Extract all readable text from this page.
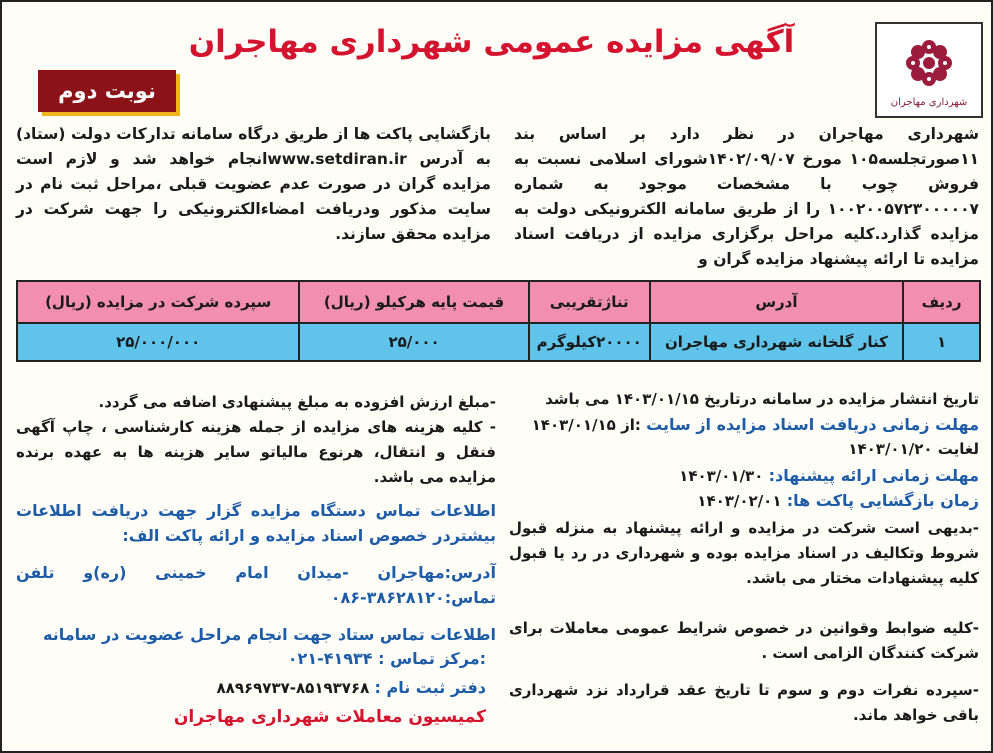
شهرداری مهاجران
آگهی مزایده عمومی شهرداری مهاجران
نوبت دوم
شهرداری مهاجران در نظر دارد بر اساس بند ۱۱صورتجلسه۱۰۵ مورخ ۱۴۰۲/۰۹/۰۷شورای اسلامی نسبت به فروش چوب با مشخصات موجود به شماره ۱۰۰۲۰۰۵۷۲۳۰۰۰۰۰۷ را از طریق سامانه الکترونیکی دولت به مزایده گذارد.کلیه مراحل برگزاری مزایده از دریافت اسناد مزایده تا ارائه پیشنهاد مزایده گران و
بازگشایی پاکت ها از طریق درگاه سامانه تدارکات دولت (ستاد) به آدرس www.setdiran.irانجام خواهد شد و لازم است مزایده گران در صورت عدم عضویت قبلی ،مراحل ثبت نام در سایت مذکور ودریافت امضاءالکترونیکی را جهت شرکت در مزایده محقق سازند.
ردیف	آدرس	تناژتقریبی	قیمت پایه هرکیلو (ریال)	سپرده شرکت در مزایده (ریال)
۱	کنار گلخانه شهرداری مهاجران	۲۰۰۰۰کیلوگرم	۲۵/۰۰۰	۲۵/۰۰۰/۰۰۰
تاریخ انتشار مزایده در سامانه درتاریخ ۱۴۰۳/۰۱/۱۵ می باشد
مهلت زمانی دریافت اسناد مزایده از سایت :از ۱۴۰۳/۰۱/۱۵
لغایت ۱۴۰۳/۰۱/۲۰
مهلت زمانی ارائه پیشنهاد: ۱۴۰۳/۰۱/۳۰
زمان بازگشایی پاکت ها: ۱۴۰۳/۰۲/۰۱
-بدیهی است شرکت در مزایده و ارائه پیشنهاد به منزله قبول شروط وتکالیف در اسناد مزایده بوده و شهرداری در رد یا قبول کلیه پیشنهادات مختار می باشد.
-کلیه ضوابط وقوانین در خصوص شرایط عمومی معاملات برای شرکت کنندگان الزامی است .
-سپرده نفرات دوم و سوم تا تاریخ عقد قرارداد نزد شهرداری باقی خواهد ماند.
-مبلغ ارزش افزوده به مبلغ پیشنهادی اضافه می گردد.
- کلیه هزینه های مزایده از جمله هزینه کارشناسی ، چاپ آگهی فنقل و انتقال، هرنوع مالیاتو سایر هزینه ها به عهده برنده مزایده می باشد.
اطلاعات تماس دستگاه مزایده گزار جهت دریافت اطلاعات بیشتردر خصوص اسناد مزایده و ارائه پاکت الف:
آدرس:مهاجران -میدان امام خمینی (ره)و تلفن تماس:۳۸۶۲۸۱۲۰-۰۸۶
اطلاعات تماس ستاد جهت انجام مراحل عضویت در سامانه
:مرکز تماس : ۴۱۹۳۴-۰۲۱
دفتر ثبت نام : ۸۵۱۹۳۷۶۸-۸۸۹۶۹۷۳۷
کمیسیون معاملات شهرداری مهاجران
